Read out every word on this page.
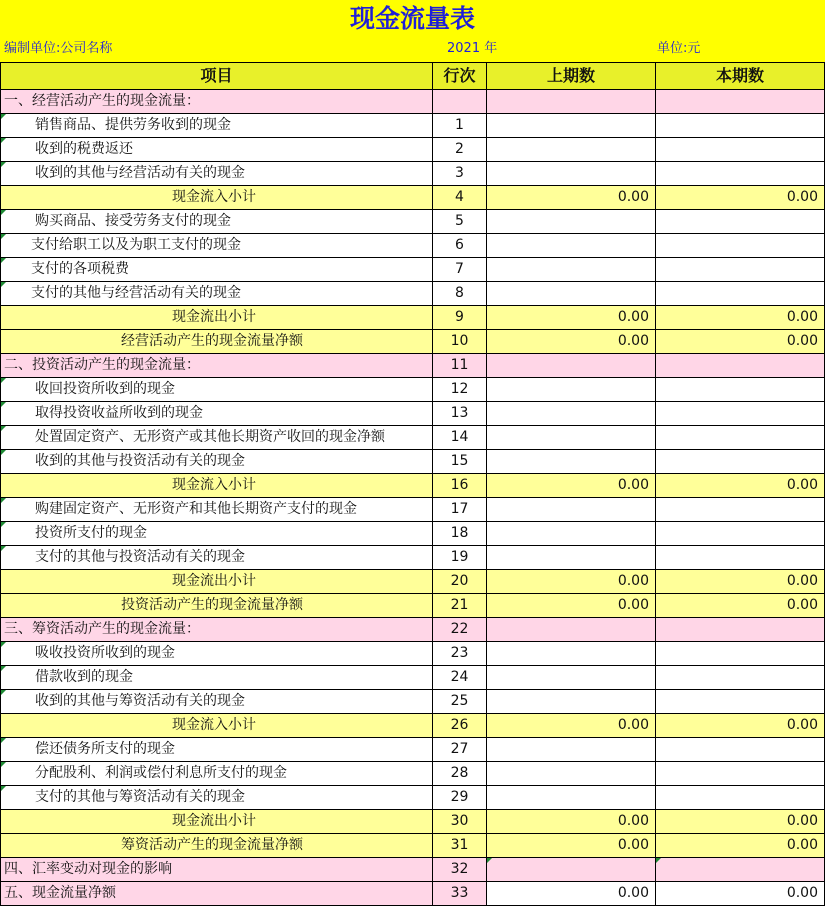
现金流量表
编制单位:公司名称	2021 年	单位:元
项目	行次	上期数	本期数
一、经营活动产生的现金流量：			
销售商品、提供劳务收到的现金	1		
收到的税费返还	2		
收到的其他与经营活动有关的现金	3		
现金流入小计	4	0.00	0.00
购买商品、接受劳务支付的现金	5		
支付给职工以及为职工支付的现金	6		
支付的各项税费	7		
支付的其他与经营活动有关的现金	8		
现金流出小计	9	0.00	0.00
经营活动产生的现金流量净额	10	0.00	0.00
二、投资活动产生的现金流量：	11		
收回投资所收到的现金	12		
取得投资收益所收到的现金	13		
处置固定资产、无形资产或其他长期资产收回的现金净额	14		
收到的其他与投资活动有关的现金	15		
现金流入小计	16	0.00	0.00
购建固定资产、无形资产和其他长期资产支付的现金	17		
投资所支付的现金	18		
支付的其他与投资活动有关的现金	19		
现金流出小计	20	0.00	0.00
投资活动产生的现金流量净额	21	0.00	0.00
三、筹资活动产生的现金流量：	22		
吸收投资所收到的现金	23		
借款收到的现金	24		
收到的其他与筹资活动有关的现金	25		
现金流入小计	26	0.00	0.00
偿还债务所支付的现金	27		
分配股利、利润或偿付利息所支付的现金	28		
支付的其他与筹资活动有关的现金	29		
现金流出小计	30	0.00	0.00
筹资活动产生的现金流量净额	31	0.00	0.00
四、汇率变动对现金的影响	32	

五、现金流量净额	33	0.00	0.00
